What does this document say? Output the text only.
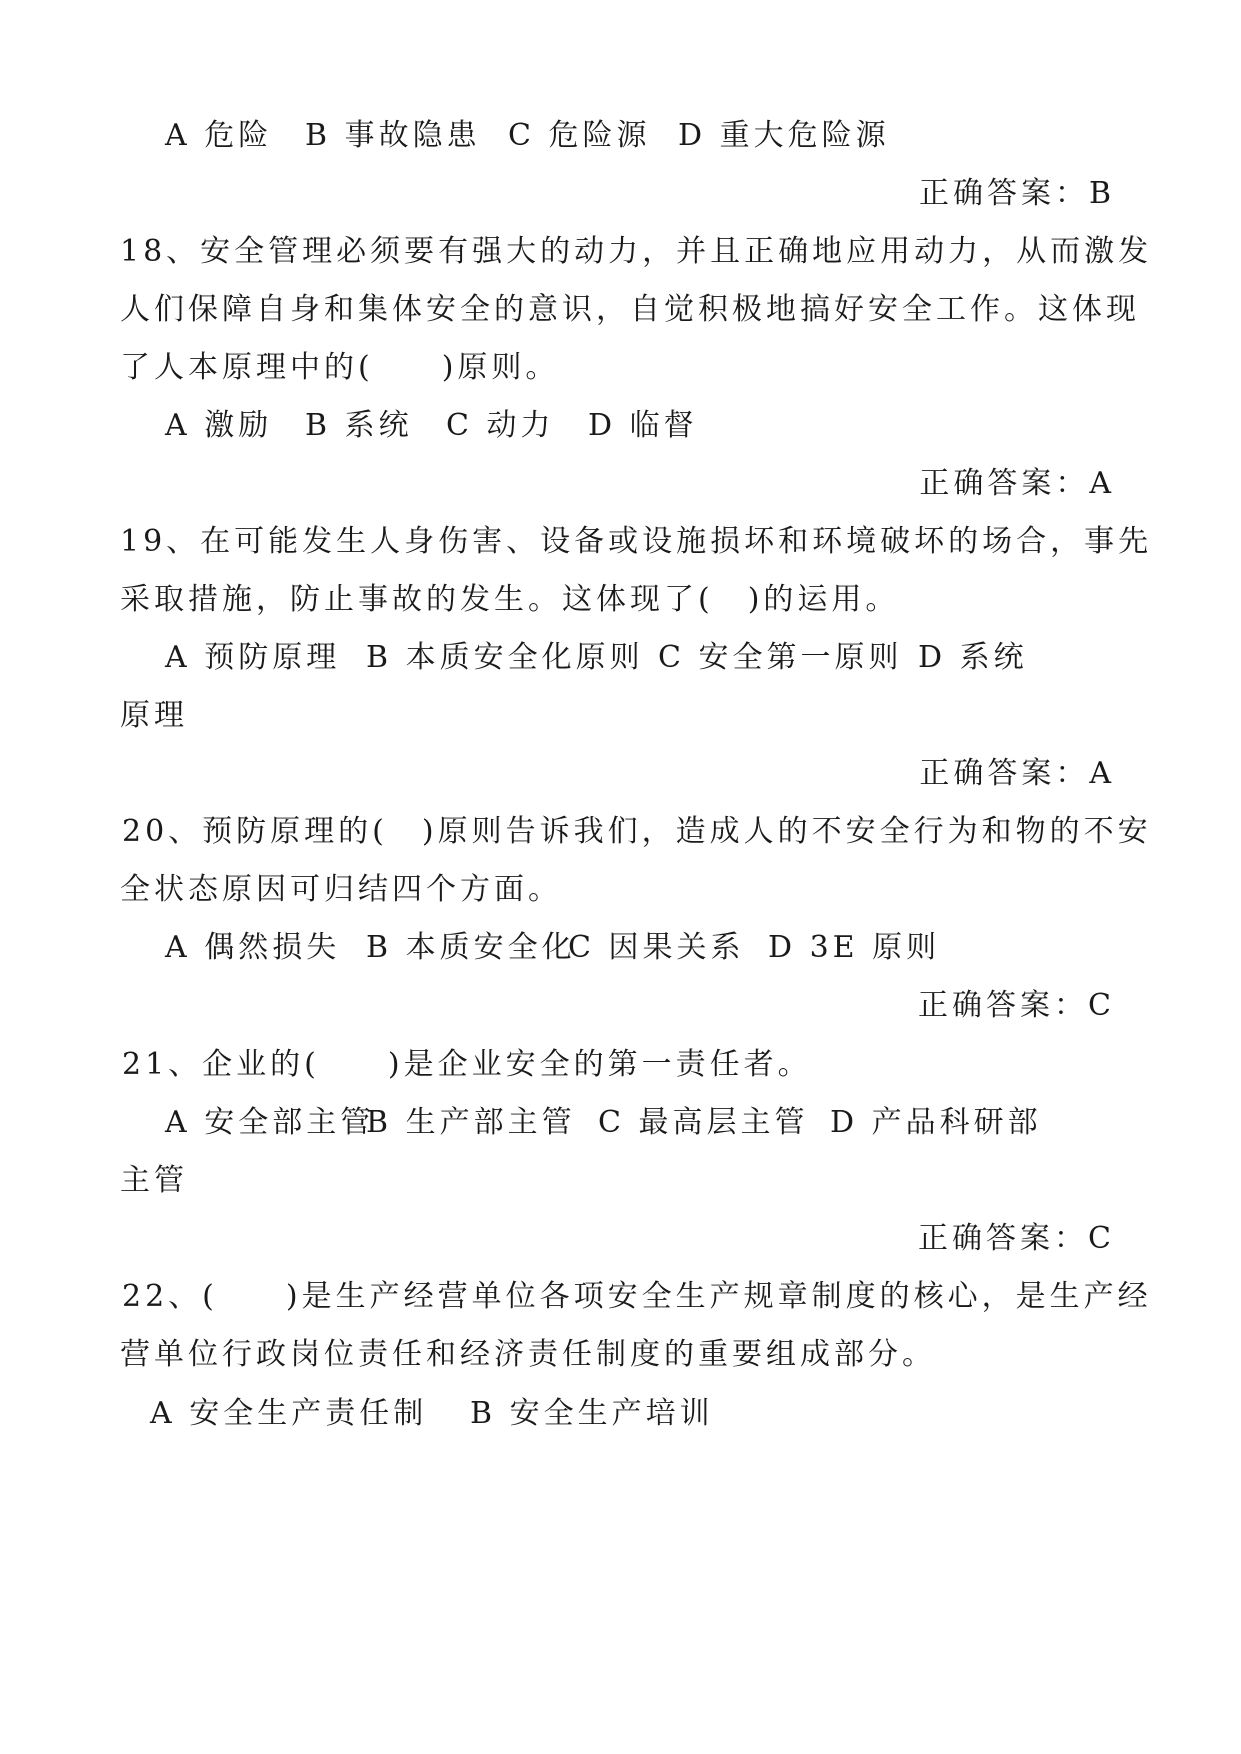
A 危险 B 事故隐患 C 危险源 D 重大危险源
正确答案：B
18、安全管理必须要有强大的动力，并且正确地应用动力，从而激发
人们保障自身和集体安全的意识，自觉积极地搞好安全工作。这体现
了人本原理中的(　　)原则。
A 激励 B 系统 C 动力 D 临督
正确答案：A
19、在可能发生人身伤害、设备或设施损坏和环境破坏的场合，事先
采取措施，防止事故的发生。这体现了(　)的运用。
A 预防原理 B 本质安全化原则 C 安全第一原则 D 系统
原理
正确答案：A
20、预防原理的(　)原则告诉我们，造成人的不安全行为和物的不安
全状态原因可归结四个方面。
A 偶然损失 B 本质安全化
C 因果关系 D 3E 原则
正确答案：C
21、企业的(　　)是企业安全的第一责任者。
A 安全部主管
B 生产部主管 C 最高层主管 D 产品科研部
主管
正确答案：C
22、(　　)是生产经营单位各项安全生产规章制度的核心，是生产经
营单位行政岗位责任和经济责任制度的重要组成部分。
A 安全生产责任制 B 安全生产培训
